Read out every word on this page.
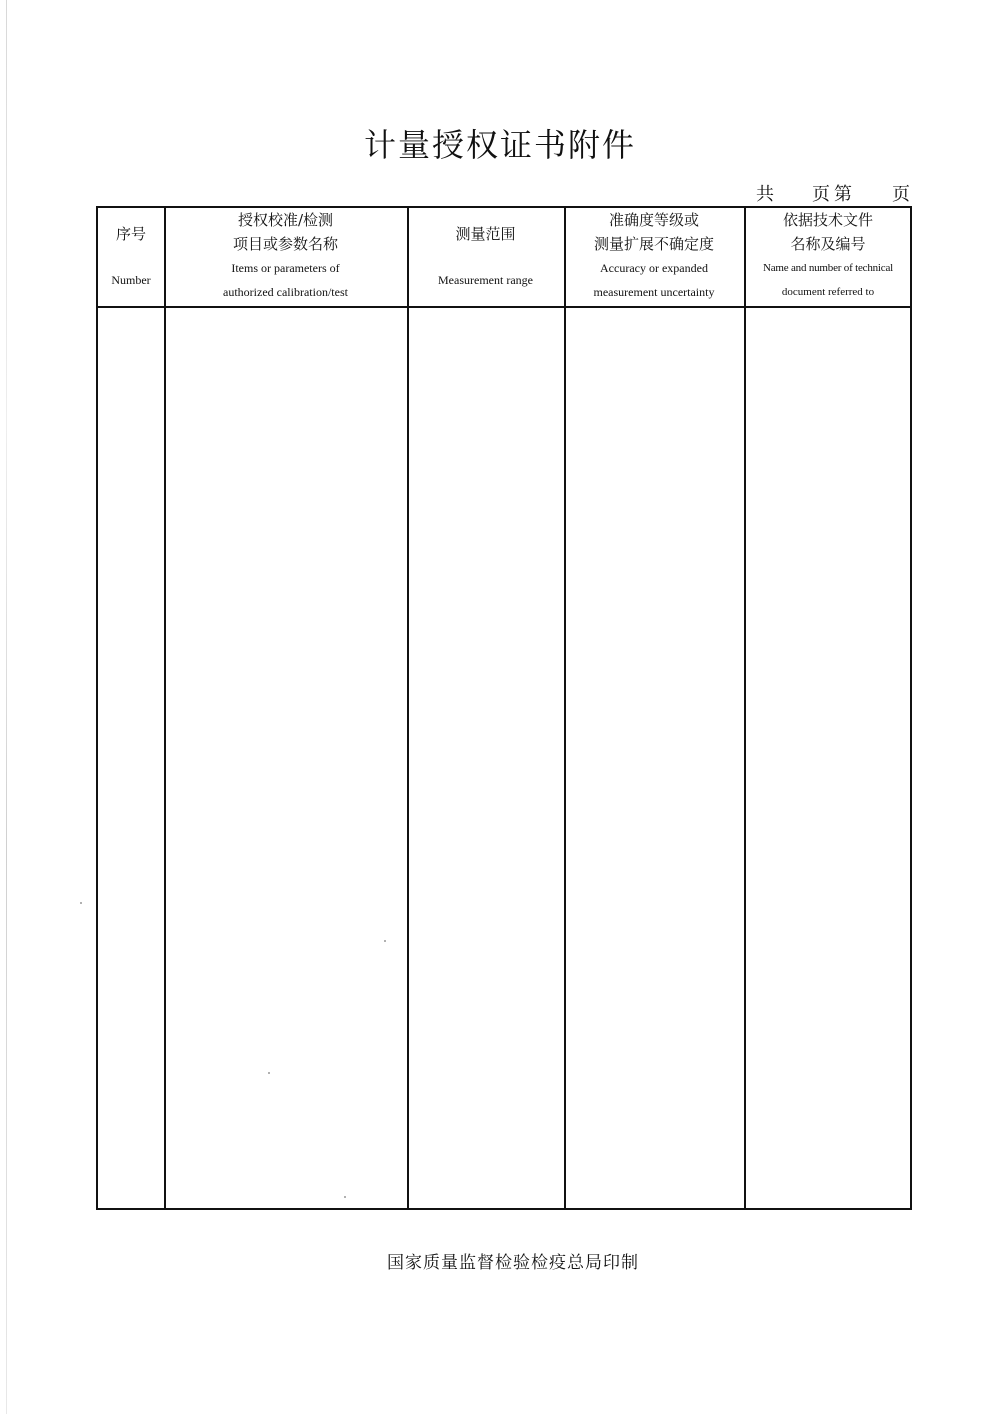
计量授权证书附件
共 页 第 页
序号
Number
授权校准/检测
项目或参数名称
Items or parameters of
authorized calibration/test
测量范围
Measurement range
准确度等级或
测量扩展不确定度
Accuracy or expanded
measurement uncertainty
依据技术文件
名称及编号
Name and number of technical
document referred to
国家质量监督检验检疫总局印制
